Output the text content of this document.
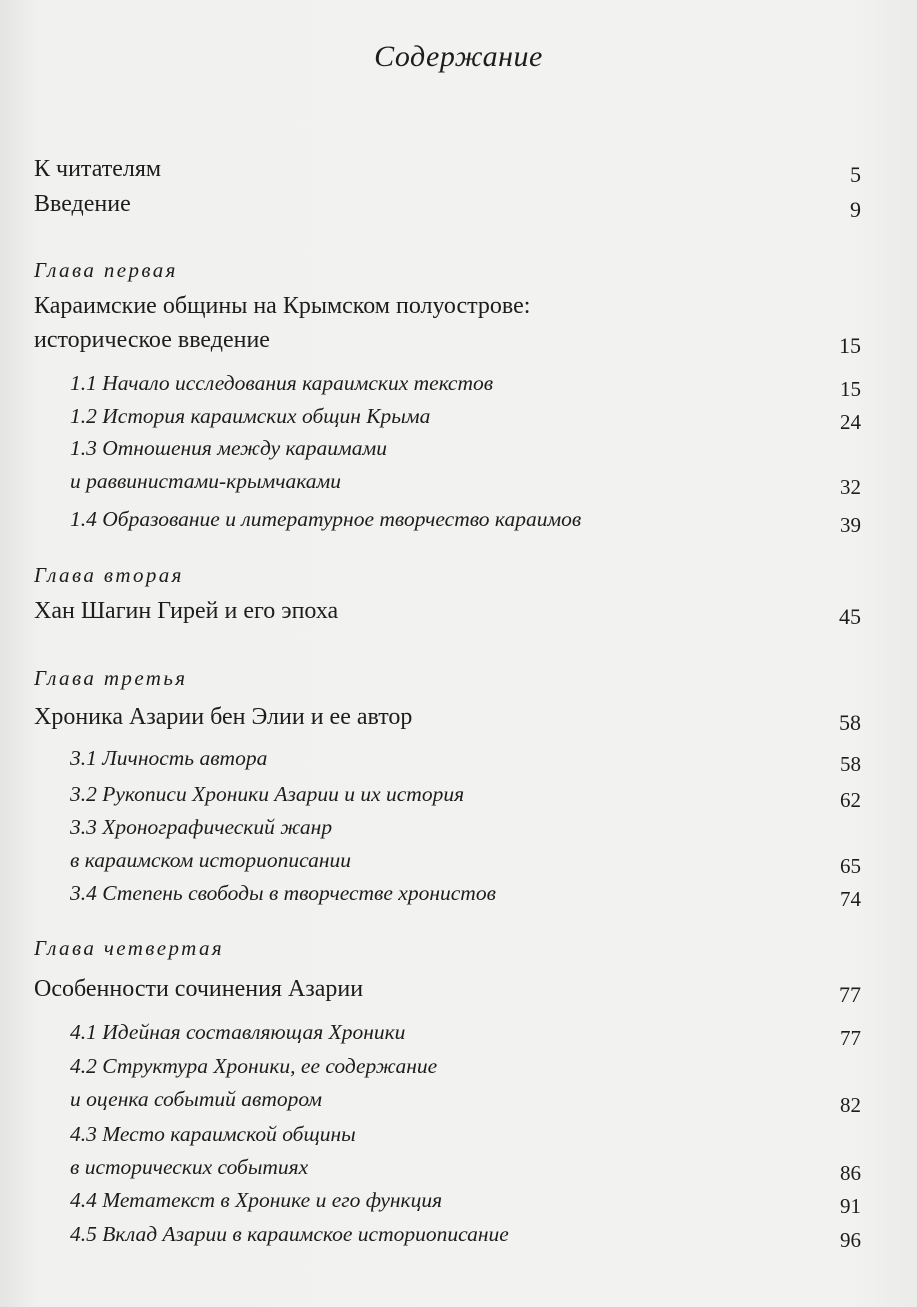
Содержание
К читателям	5
Введение	9
Глава первая
Караимские общины на Крымском полуострове:
историческое введение	15
1.1 Начало исследования караимских текстов	15
1.2 История караимских общин Крыма	24
1.3 Отношения между караимами
и раввинистами-крымчаками	32
1.4 Образование и литературное творчество караимов	39
Глава вторая
Хан Шагин Гирей и его эпоха	45
Глава третья
Хроника Азарии бен Элии и ее автор	58
3.1 Личность автора	58
3.2 Рукописи Хроники Азарии и их история	62
3.3 Хронографический жанр
в караимском историописании	65
3.4 Степень свободы в творчестве хронистов	74
Глава четвертая
Особенности сочинения Азарии	77
4.1 Идейная составляющая Хроники	77
4.2 Структура Хроники, ее содержание
и оценка событий автором	82
4.3 Место караимской общины
в исторических событиях	86
4.4 Метатекст в Хронике и его функция	91
4.5 Вклад Азарии в караимское историописание	96
